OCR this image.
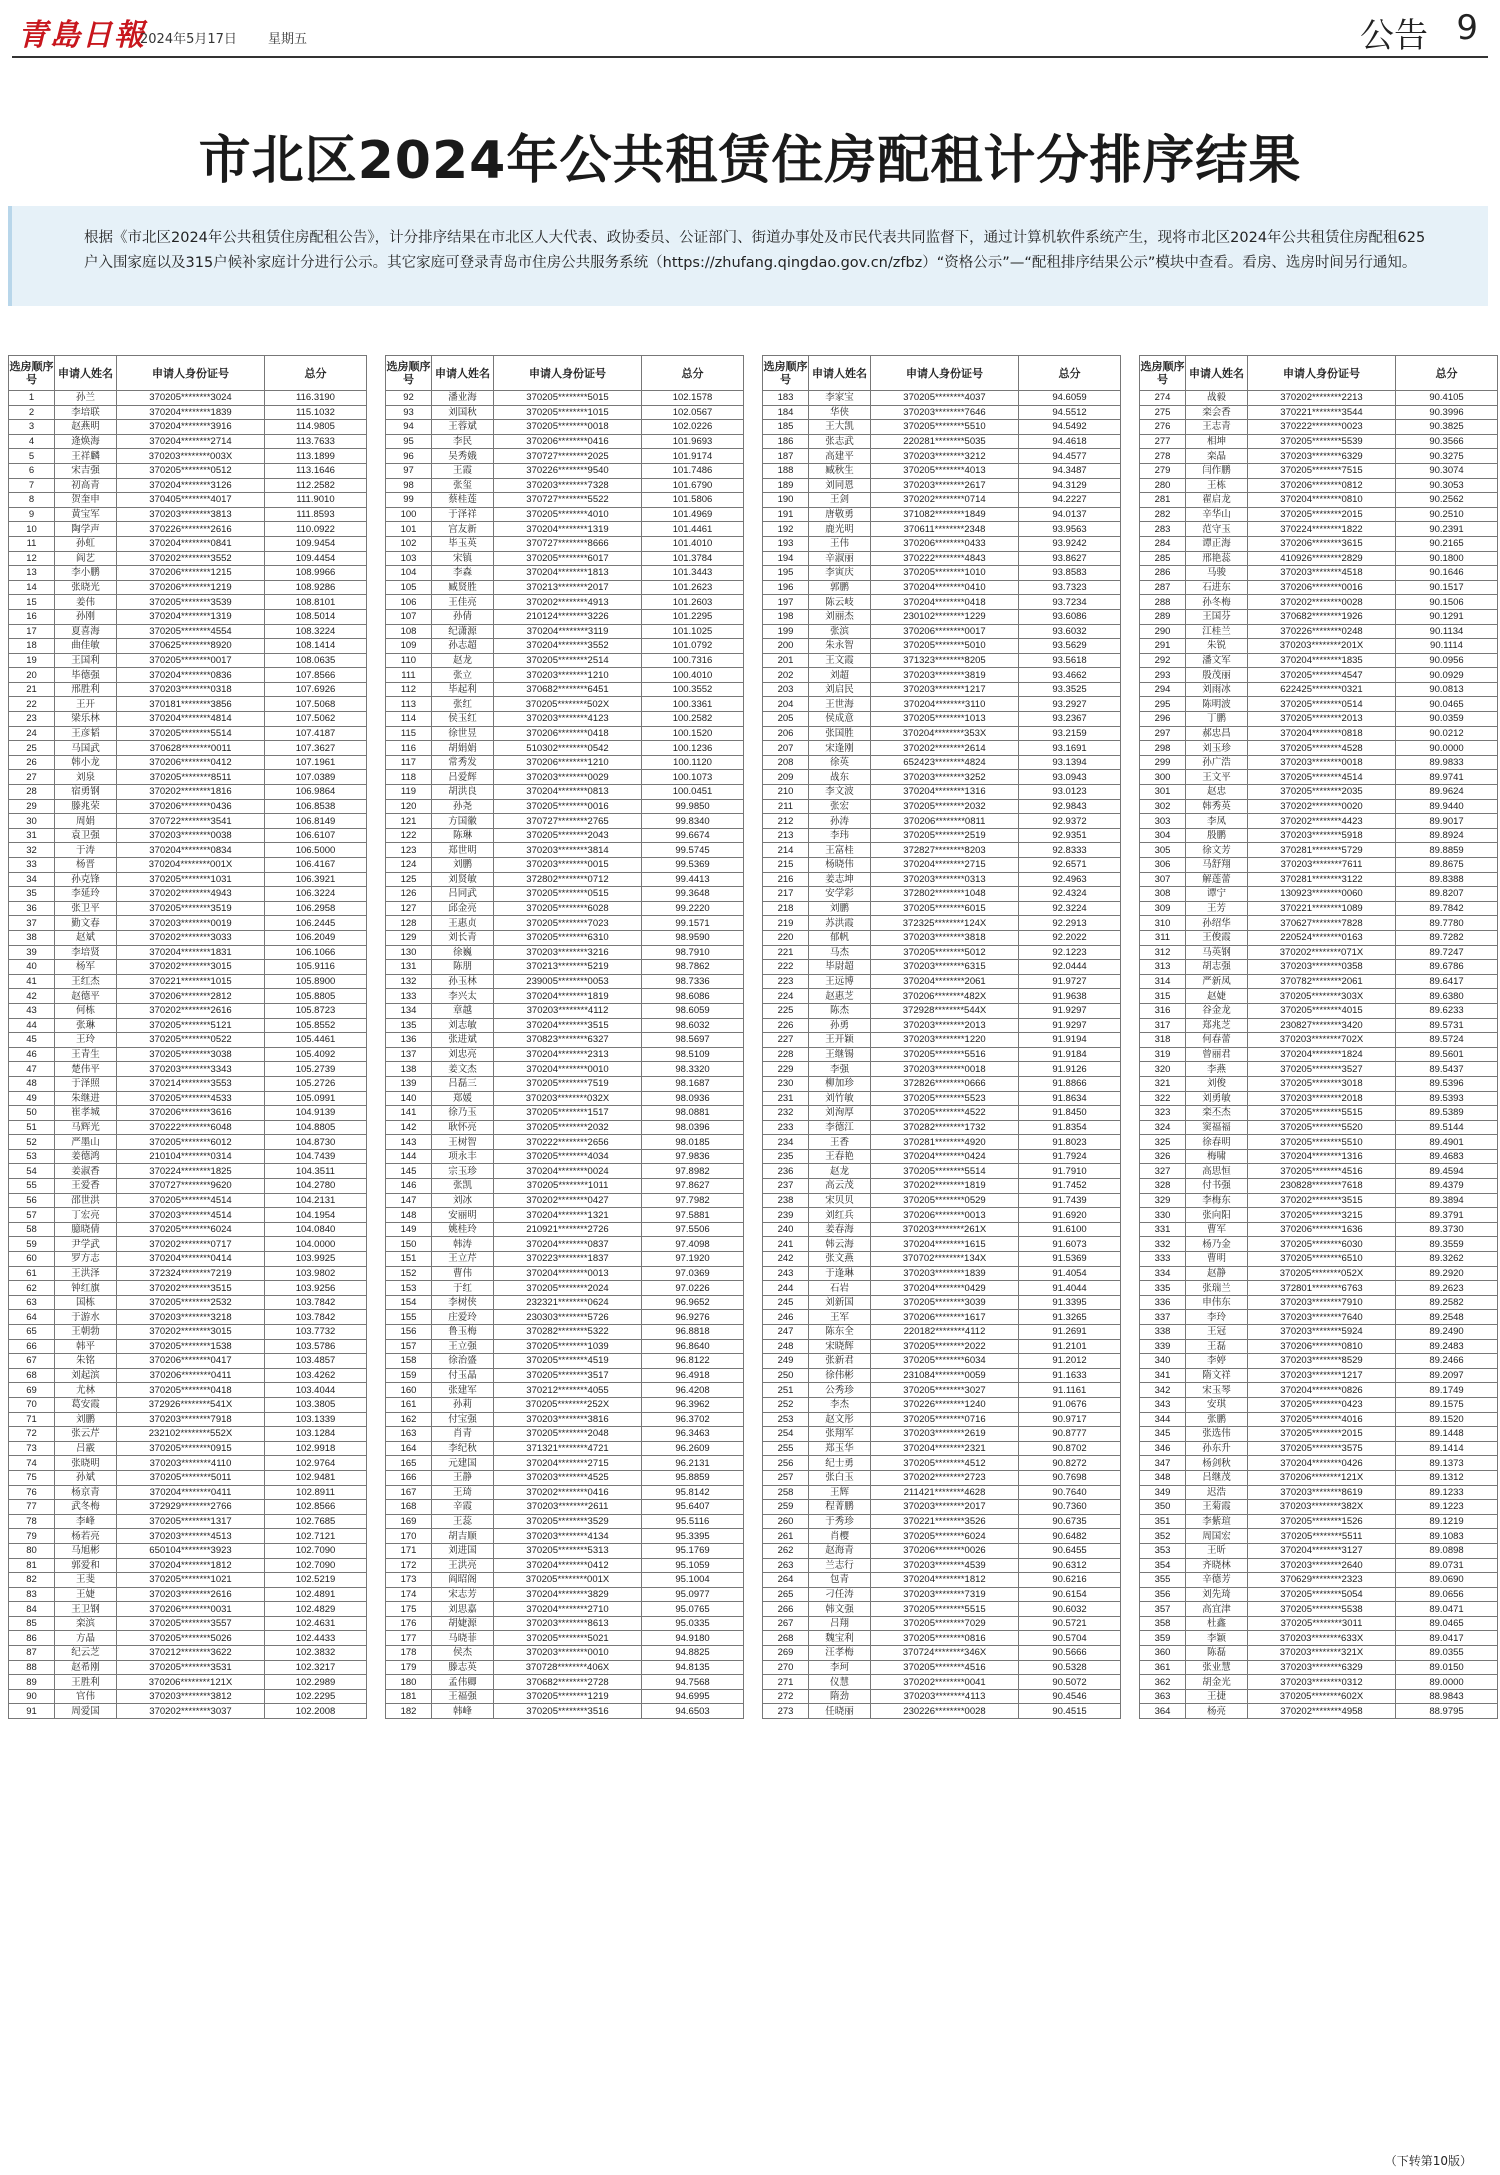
青島日報
2024年5月17日 星期五	公告 9
市北区2024年公共租赁住房配租计分排序结果
根据《市北区2024年公共租赁住房配租公告》，计分排序结果在市北区人大代表、政协委员、公证部门、街道办事处及市民代表共同监督下，通过计算机软件系统产生，现将市北区2024年公共租赁住房配租625户入围家庭以及315户候补家庭计分进行公示。其它家庭可登录青岛市住房公共服务系统（https://zhufang.qingdao.gov.cn/zfbz）“资格公示”—“配租排序结果公示”模块中查看。看房、选房时间另行通知。
选房顺序号	申请人姓名	申请人身份证号	总分
1	孙兰	370205********3024	116.3190
2	李培联	370204********1839	115.1032
3	赵燕明	370204********3916	114.9805
4	逄焕海	370204********2714	113.7633
5	王祥麟	370203********003X	113.1899
6	宋吉强	370205********0512	113.1646
7	初高青	370204********3126	112.2582
8	贺奎申	370405********4017	111.9010
9	黄宝军	370203********3813	111.8593
10	陶学声	370226********2616	110.0922
11	孙虹	370204********0841	109.9454
12	阎艺	370202********3552	109.4454
13	李小鹏	370206********1215	108.9966
14	张晓光	370206********1219	108.9286
15	姜伟	370205********3539	108.8101
16	孙刚	370204********1319	108.5014
17	夏喜海	370205********4554	108.3224
18	曲佳敏	370625********8920	108.1414
19	王国利	370205********0017	108.0635
20	毕德强	370204********0836	107.8566
21	邢胜利	370203********0318	107.6926
22	王开	370181********3856	107.5068
23	梁乐林	370204********4814	107.5062
24	王彦韬	370205********5514	107.4187
25	马国武	370628********0011	107.3627
26	韩小龙	370206********0412	107.1961
27	刘泉	370205********8511	107.0389
28	宿勇钢	370202********1816	106.9864
29	滕兆荣	370206********0436	106.8538
30	周娟	370722********3541	106.8149
31	袁卫强	370203********0038	106.6107
32	于涛	370204********0834	106.5000
33	杨晋	370204********001X	106.4167
34	孙克锋	370205********1031	106.3921
35	李延玲	370202********4943	106.3224
36	张卫平	370205********3519	106.2958
37	勤文春	370203********0019	106.2445
38	赵斌	370202********3033	106.2049
39	李培贤	370204********1831	106.1066
40	杨军	370202********3015	105.9116
41	王红杰	370221********1015	105.8900
42	赵德平	370206********2812	105.8805
43	何栋	370202********2616	105.8723
44	张琳	370205********5121	105.8552
45	王玲	370205********0522	105.4461
46	王青生	370205********3038	105.4092
47	楚伟平	370203********3343	105.2739
48	于泽照	370214********3553	105.2726
49	朱继进	370205********4533	105.0991
50	崔孝城	370206********3616	104.9139
51	马辉光	370222********6048	104.8805
52	严墨山	370205********6012	104.8730
53	姜德鸿	210104********0314	104.7439
54	姜淑香	370224********1825	104.3511
55	王爱香	370727********9620	104.2780
56	邵世洪	370205********4514	104.2131
57	丁宏亮	370203********4514	104.1954
58	臆晓倩	370205********6024	104.0840
59	尹学武	370202********0717	104.0000
60	罗方志	370204********0414	103.9925
61	王洪泽	372324********7219	103.9802
62	钟红旗	370202********3515	103.9256
63	国栋	370205********2532	103.7842
64	于游水	370203********3218	103.7842
65	王朝勃	370202********3015	103.7732
66	韩平	370205********1538	103.5786
67	朱铭	370206********0417	103.4857
68	刘起滨	370206********0411	103.4262
69	尤林	370205********0418	103.4044
70	葛安霞	372926********541X	103.3805
71	刘鹏	370203********7918	103.1339
72	张云芹	232102********552X	103.1284
73	吕霰	370205********0915	102.9918
74	张晓明	370203********4110	102.9764
75	孙斌	370205********5011	102.9481
76	杨京青	370204********0411	102.8911
77	武冬梅	372929********2766	102.8566
78	李峰	370205********1317	102.7685
79	杨若亮	370203********4513	102.7121
80	马旭彬	650104********3923	102.7090
81	郭爱和	370204********1812	102.7090
82	王斐	370205********1021	102.5219
83	王婕	370203********2616	102.4891
84	王卫钢	370206********0031	102.4829
85	栾滨	370205********3557	102.4631
86	方晶	370205********5026	102.4433
87	纪云芝	370212********3622	102.3832
88	赵希刚	370205********3531	102.3217
89	王胜利	370206********121X	102.2989
90	官伟	370203********3812	102.2295
91	周爱国	370202********3037	102.2008
选房顺序号	申请人姓名	申请人身份证号	总分
92	潘业海	370205********5015	102.1578
93	刘国秋	370205********1015	102.0567
94	王蓉斌	370205********0018	102.0226
95	李民	370206********0416	101.9693
96	吴秀娥	370727********2025	101.9174
97	王霞	370226********9540	101.7486
98	张玺	370203********7328	101.6790
99	蔡桂莲	370727********5522	101.5806
100	于泽祥	370205********4010	101.4969
101	宫友新	370204********1319	101.4461
102	毕玉英	370727********8666	101.4010
103	宋镇	370205********6017	101.3784
104	李森	370204********1813	101.3443
105	臧贤胜	370213********2017	101.2623
106	王佳亮	370202********4913	101.2603
107	孙倩	210124********3226	101.2295
108	纪潇源	370204********3119	101.1025
109	孙志超	370204********3552	101.0792
110	赵龙	370205********2514	100.7316
111	张立	370203********1210	100.4010
112	毕起利	370682********6451	100.3552
113	张红	370205********502X	100.3361
114	侯玉红	370203********4123	100.2582
115	徐世昱	370206********0418	100.1520
116	胡娟娟	510302********0542	100.1236
117	常秀发	370206********1210	100.1120
118	吕爱辉	370203********0029	100.1073
119	胡洪良	370204********0813	100.0451
120	孙尧	370205********0016	99.9850
121	方国徽	370727********2765	99.8340
122	陈琳	370205********2043	99.6674
123	郑世明	370203********3814	99.5745
124	刘鹏	370203********0015	99.5369
125	刘贤敏	372802********0712	99.4413
126	吕同武	370205********0515	99.3648
127	邱金亮	370205********6028	99.2220
128	王惠贞	370205********7023	99.1571
129	刘长青	370205********6310	98.9590
130	徐巍	370203********3216	98.7910
131	陈朋	370213********5219	98.7862
132	孙玉林	239005********0053	98.7336
133	李兴太	370204********1819	98.6086
134	章越	370203********4112	98.6059
135	刘志敏	370204********3515	98.6032
136	张进斌	370823********6327	98.5697
137	刘忠亮	370204********2313	98.5109
138	姜文杰	370204********0010	98.3320
139	吕磊三	370205********7519	98.1687
140	郑媛	370203********032X	98.0936
141	徐乃玉	370205********1517	98.0881
142	耿怀亮	370205********2032	98.0396
143	王树智	370222********2656	98.0185
144	项永丰	370205********4034	97.9836
145	宗玉珍	370204********0024	97.8982
146	张凯	370205********1011	97.8627
147	刘冰	370202********0427	97.7982
148	安丽明	370204********1321	97.5881
149	姚桂玲	210921********2726	97.5506
150	韩涛	370204********0837	97.4098
151	王立芹	370223********1837	97.1920
152	曹伟	370204********0013	97.0369
153	于红	370205********2024	97.0226
154	李树侠	232321********0624	96.9652
155	庄爱玲	230303********5726	96.9276
156	鲁玉梅	370282********5322	96.8818
157	王立强	370205********1039	96.8640
158	徐治盛	370205********4519	96.8122
159	付玉晶	370205********3517	96.4918
160	张建军	370212********4055	96.4208
161	孙莉	370205********252X	96.3962
162	付宝强	370203********3816	96.3702
163	肖青	370205********2048	96.3463
164	李纪秋	371321********4721	96.2609
165	元建国	370204********2715	96.2131
166	王静	370203********4525	95.8859
167	王琦	370202********0416	95.8142
168	辛霞	370203********2611	95.6407
169	王蕊	370205********3529	95.5116
170	胡吉顺	370203********4134	95.3395
171	刘进国	370205********5313	95.1769
172	王洪亮	370204********0412	95.1059
173	阎昭阁	370205********001X	95.1004
174	宋志芳	370204********3829	95.0977
175	刘思嘉	370204********2710	95.0765
176	胡婕源	370203********8613	95.0335
177	马晓菲	370205********5021	94.9180
178	侯杰	370203********0010	94.8825
179	滕志英	370728********406X	94.8135
180	孟伟卿	370682********2728	94.7568
181	王福强	370205********1219	94.6995
182	韩峰	370205********3516	94.6503
选房顺序号	申请人姓名	申请人身份证号	总分
183	李家宝	370205********4037	94.6059
184	华侠	370203********7646	94.5512
185	王大凯	370205********5510	94.5492
186	张志武	220281********5035	94.4618
187	高建平	370203********3212	94.4577
188	臧秋生	370205********4013	94.3487
189	刘同恩	370203********2617	94.3129
190	王剑	370202********0714	94.2227
191	唐敬勇	371082********1849	94.0137
192	鹿光明	370611********2348	93.9563
193	王伟	370206********0433	93.9242
194	辛淑丽	370222********4843	93.8627
195	李寅庆	370205********1010	93.8583
196	郭鹏	370204********0410	93.7323
197	陈云岐	370204********0418	93.7234
198	刘丽杰	230102********1229	93.6086
199	张滨	370206********0017	93.6032
200	朱永智	370205********5010	93.5629
201	王文霞	371323********8205	93.5618
202	刘超	370203********3819	93.4662
203	刘启民	370203********1217	93.3525
204	王世海	370204********3110	93.2927
205	侯成意	370205********1013	93.2367
206	张国胜	370204********353X	93.2159
207	宋逢刚	370202********2614	93.1691
208	徐英	652423********4824	93.1394
209	战东	370203********3252	93.0943
210	李文波	370204********1316	93.0123
211	张宏	370205********2032	92.9843
212	孙涛	370206********0811	92.9372
213	李玮	370205********2519	92.9351
214	王富桂	372827********8203	92.8333
215	杨晓伟	370204********2715	92.6571
216	姜志坤	370203********0313	92.4963
217	安学彩	372802********1048	92.4324
218	刘鹏	370205********6015	92.3224
219	苏洪霞	372325********124X	92.2913
220	郁帆	370203********3818	92.2022
221	马杰	370205********5012	92.1223
222	毕尉超	370203********6315	92.0444
223	王远博	370204********2061	91.9727
224	赵惠芝	370206********482X	91.9638
225	陈杰	372928********544X	91.9297
226	孙勇	370203********2013	91.9297
227	王开颖	370203********1220	91.9194
228	王继锡	370205********5516	91.9184
229	李强	370203********0018	91.9126
230	柳加珍	372826********0666	91.8866
231	刘竹敏	370205********5523	91.8634
232	刘洵厚	370205********4522	91.8450
233	李德江	370282********1732	91.8354
234	王香	370281********4920	91.8023
235	王春艳	370204********0424	91.7924
236	赵龙	370205********5514	91.7910
237	高云茂	370202********1819	91.7452
238	宋贝贝	370205********0529	91.7439
239	刘红兵	370206********0013	91.6920
240	姜春海	370203********261X	91.6100
241	韩云海	370204********1615	91.6073
242	张文燕	370702********134X	91.5369
243	于逢琳	370203********1839	91.4054
244	石岩	370204********0429	91.4044
245	刘新国	370205********3039	91.3395
246	王军	370206********1617	91.3265
247	陈东全	220182********4112	91.2691
248	宋晓辉	370205********2022	91.2101
249	张新君	370205********6034	91.2012
250	徐伟彬	231084********0059	91.1633
251	公秀珍	370205********3027	91.1161
252	李杰	370226********1240	91.0676
253	赵文彤	370205********0716	90.9717
254	张翔军	370203********2619	90.8777
255	郑玉华	370204********2321	90.8702
256	纪士勇	370205********4512	90.8272
257	张白玉	370202********2723	90.7698
258	王辉	211421********4628	90.7640
259	程菁鹏	370203********2017	90.7360
260	于秀珍	370221********3526	90.6735
261	肖樱	370205********6024	90.6482
262	赵海青	370206********0026	90.6455
263	兰志行	370203********4539	90.6312
264	包青	370204********1812	90.6216
265	刁任涛	370203********7319	90.6154
266	韩文强	370205********5515	90.6032
267	吕翔	370205********7029	90.5721
268	魏宝利	370205********0816	90.5704
269	汪孝梅	370724********346X	90.5666
270	李珂	370205********4516	90.5328
271	仪慧	370202********0041	90.5072
272	隋劲	370203********4113	90.4546
273	任晓丽	230226********0028	90.4515
选房顺序号	申请人姓名	申请人身份证号	总分
274	战毅	370202********2213	90.4105
275	栾会香	370221********3544	90.3996
276	王志青	370222********0023	90.3825
277	相坤	370205********5539	90.3566
278	栾晶	370203********6329	90.3275
279	闫作鹏	370205********7515	90.3074
280	王栋	370206********0812	90.3053
281	翟启龙	370204********0810	90.2562
282	辛华山	370205********2015	90.2510
283	范守玉	370224********1822	90.2391
284	谭正海	370206********3615	90.2165
285	邢艳蕊	410926********2829	90.1800
286	马骏	370203********4518	90.1646
287	石进东	370206********0016	90.1517
288	孙冬梅	370202********0028	90.1506
289	王国芬	370682********1926	90.1291
290	江桂兰	370226********0248	90.1134
291	朱锐	370203********201X	90.1114
292	潘文军	370204********1835	90.0956
293	殷茂丽	370205********4547	90.0929
294	刘雨冰	622425********0321	90.0813
295	陈明波	370205********0514	90.0465
296	丁鹏	370205********2013	90.0359
297	郝忠昌	370204********0818	90.0212
298	刘玉珍	370205********4528	90.0000
299	孙广浩	370203********0018	89.9833
300	王文平	370205********4514	89.9741
301	赵忠	370205********2035	89.9624
302	韩秀英	370202********0020	89.9440
303	李凤	370202********4423	89.9017
304	殷鹏	370203********5918	89.8924
305	徐文芳	370281********5729	89.8859
306	马舒翔	370203********7611	89.8675
307	解莲蕾	370281********3122	89.8388
308	谭宁	130923********0060	89.8207
309	王芳	370221********1089	89.7842
310	孙绍华	370627********7828	89.7780
311	王俊霞	220524********0163	89.7282
312	马英钢	370202********071X	89.7247
313	胡志强	370203********0358	89.6786
314	严新凤	370782********2061	89.6417
315	赵婕	370205********303X	89.6380
316	谷金龙	370205********4015	89.6233
317	郑兆芝	230827********3420	89.5731
318	何春蕾	370203********702X	89.5724
319	曾丽君	370204********1824	89.5601
320	李燕	370205********3527	89.5437
321	刘俊	370205********3018	89.5396
322	刘勇敏	370203********2018	89.5393
323	栾丕杰	370205********5515	89.5389
324	窦福福	370205********5520	89.5144
325	徐春明	370205********5510	89.4901
326	梅啸	370204********1316	89.4683
327	高思恒	370205********4516	89.4594
328	付书强	230828********7618	89.4379
329	李梅东	370202********3515	89.3894
330	张向阳	370205********3215	89.3791
331	曹军	370206********1636	89.3730
332	杨乃金	370205********6030	89.3559
333	曹明	370205********6510	89.3262
334	赵静	370205********052X	89.2920
335	张瑞兰	372801********6763	89.2623
336	申伟东	370203********7910	89.2582
337	李玲	370203********7640	89.2548
338	王冠	370203********5924	89.2490
339	王磊	370206********0810	89.2483
340	李婷	370203********8529	89.2466
341	隋文祥	370203********1217	89.2097
342	宋玉琴	370204********0826	89.1749
343	安琪	370205********0423	89.1575
344	张鹏	370205********4016	89.1520
345	张选伟	370205********2015	89.1448
346	孙东升	370205********3575	89.1414
347	杨剑秋	370204********0426	89.1373
348	吕继茂	370206********121X	89.1312
349	迟浩	370203********8619	89.1233
350	王菊霞	370203********382X	89.1223
351	李紫瑄	370205********1526	89.1219
352	周国宏	370205********5511	89.1083
353	王昕	370204********3127	89.0898
354	齐晓林	370203********2640	89.0731
355	辛德芳	370629********2323	89.0690
356	刘先琦	370205********5054	89.0656
357	高宜津	370205********5538	89.0471
358	杜鑫	370205********3011	89.0465
359	李颖	370203********633X	89.0417
360	陈磊	370203********321X	89.0355
361	张业慧	370203********6329	89.0150
362	胡金光	370203********0312	89.0000
363	王捷	370205********602X	88.9843
364	杨亮	370202********4958	88.9795
（下转第10版）
